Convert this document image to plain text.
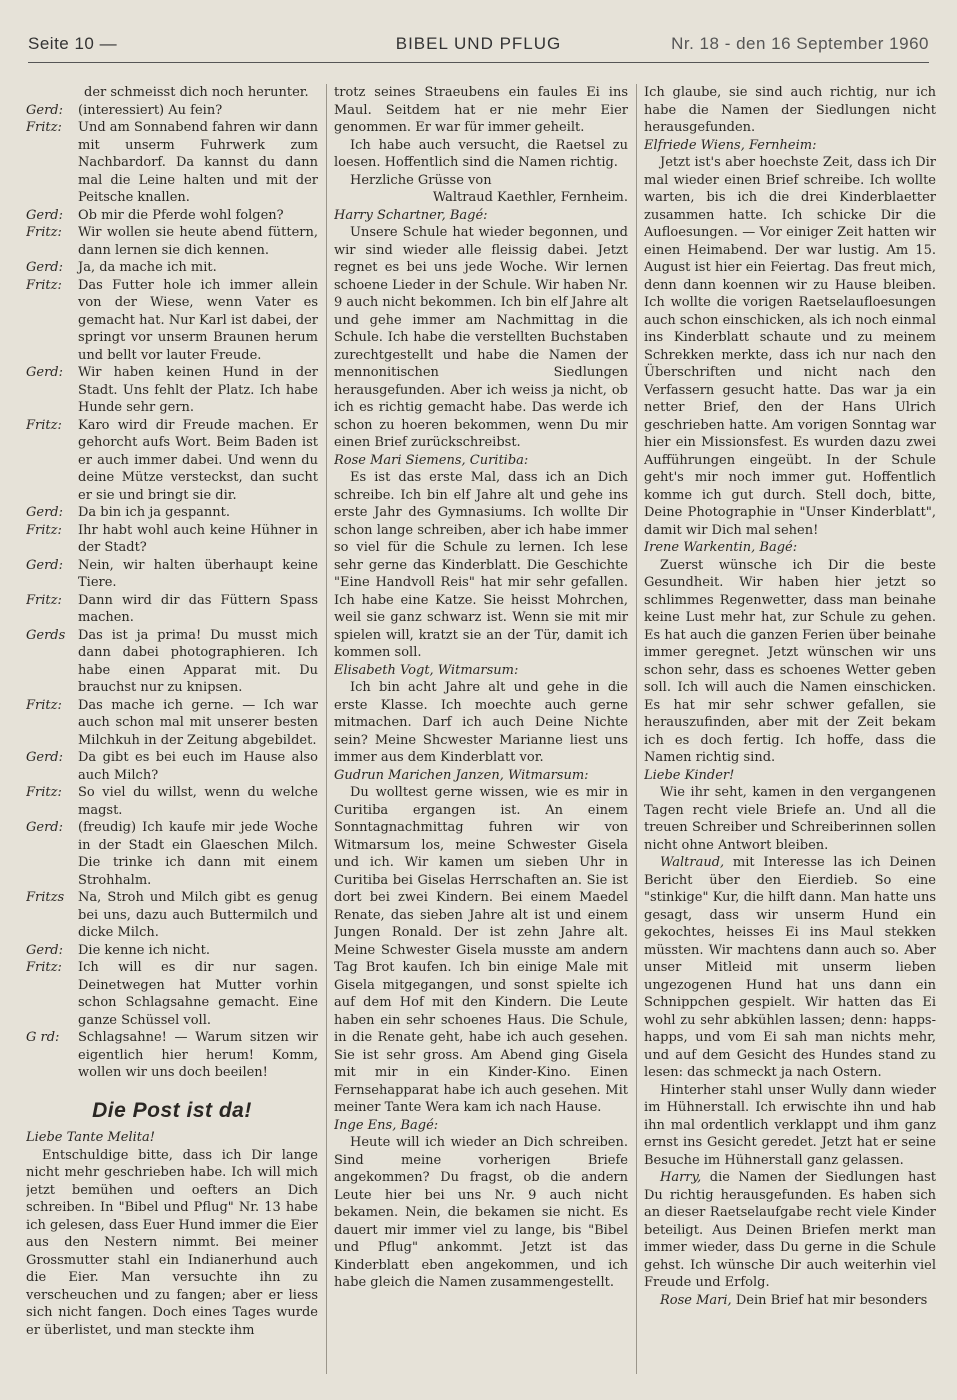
Seite 10 —	BIBEL UND PFLUG	Nr. 18 - den 16 September 1960
der schmeisst dich noch herunter.
Gerd:	(interessiert) Au fein?
Fritz:	Und am Sonnabend fahren wir dann mit unserm Fuhrwerk zum Nachbardorf. Da kannst du dann mal die Leine halten und mit der Peitsche knallen.
Gerd:	Ob mir die Pferde wohl folgen?
Fritz:	Wir wollen sie heute abend füttern, dann lernen sie dich kennen.
Gerd:	Ja, da mache ich mit.
Fritz:	Das Futter hole ich immer allein von der Wiese, wenn Vater es gemacht hat. Nur Karl ist dabei, der springt vor unserm Braunen herum und bellt vor lauter Freude.
Gerd:	Wir haben keinen Hund in der Stadt. Uns fehlt der Platz. Ich habe Hunde sehr gern.
Fritz:	Karo wird dir Freude machen. Er gehorcht aufs Wort. Beim Baden ist er auch immer dabei. Und wenn du deine Mütze versteckst, dan sucht er sie und bringt sie dir.
Gerd:	Da bin ich ja gespannt.
Fritz:	Ihr habt wohl auch keine Hühner in der Stadt?
Gerd:	Nein, wir halten überhaupt keine Tiere.
Fritz:	Dann wird dir das Füttern Spass machen.
Gerds Das ist ja prima! Du musst mich dann dabei photographieren. Ich habe einen Apparat mit. Du brauchst nur zu knipsen.
Fritz:	Das mache ich gerne. — Ich war auch schon mal mit unserer besten Milchkuh in der Zeitung abgebildet.
Gerd:	Da gibt es bei euch im Hause also auch Milch?
Fritz:	So viel du willst, wenn du welche magst.
Gerd:	(freudig) Ich kaufe mir jede Woche in der Stadt ein Glaeschen Milch. Die trinke ich dann mit einem Strohhalm.
Fritzs	Na, Stroh und Milch gibt es genug bei uns, dazu auch Buttermilch und dicke Milch.
Gerd:	Die kenne ich nicht.
Fritz:	Ich will es dir nur sagen. Deinetwegen hat Mutter vorhin schon Schlagsahne gemacht. Eine ganze Schüssel voll.
G rd:	Schlagsahne! — Warum sitzen wir eigentlich hier herum! Komm, wollen wir uns doch beeilen!
Die Post ist da!

Liebe Tante Melita!

Entschuldige bitte, dass ich Dir lange nicht mehr geschrieben habe. Ich will mich jetzt bemühen und oefters an Dich schreiben. In "Bibel und Pflug" Nr. 13 habe ich gelesen, dass Euer Hund immer die Eier aus den Nestern nimmt. Bei meiner Grossmutter stahl ein Indianerhund auch die Eier. Man versuchte ihn zu verscheuchen und zu fangen; aber er liess sich nicht fangen. Doch eines Tages wurde er überlistet, und man steckte ihm

trotz seines Straeubens ein faules Ei ins Maul. Seitdem hat er nie mehr Eier genommen. Er war für immer geheilt.

Ich habe auch versucht, die Raetsel zu loesen. Hoffentlich sind die Namen richtig.

Herzliche Grüsse von

Waltraud Kaethler, Fernheim.

Harry Schartner, Bagé:

Unsere Schule hat wieder begonnen, und wir sind wieder alle fleissig dabei. Jetzt regnet es bei uns jede Woche. Wir lernen schoene Lieder in der Schule. Wir haben Nr. 9 auch nicht bekommen. Ich bin elf Jahre alt und gehe immer am Nachmittag in die Schule. Ich habe die verstellten Buchstaben zurechtgestellt und habe die Namen der mennonitischen Siedlungen herausgefunden. Aber ich weiss ja nicht, ob ich es richtig gemacht habe. Das werde ich schon zu hoeren bekommen, wenn Du mir einen Brief zurückschreibst.

Rose Mari Siemens, Curitiba:

Es ist das erste Mal, dass ich an Dich schreibe. Ich bin elf Jahre alt und gehe ins erste Jahr des Gymnasiums. Ich wollte Dir schon lange schreiben, aber ich habe immer so viel für die Schule zu lernen. Ich lese sehr gerne das Kinderblatt. Die Geschichte "Eine Handvoll Reis" hat mir sehr gefallen. Ich habe eine Katze. Sie heisst Mohrchen, weil sie ganz schwarz ist. Wenn sie mit mir spielen will, kratzt sie an der Tür, damit ich kommen soll.

Elisabeth Vogt, Witmarsum:

Ich bin acht Jahre alt und gehe in die erste Klasse. Ich moechte auch gerne mitmachen. Darf ich auch Deine Nichte sein? Meine Shcwester Marianne liest uns immer aus dem Kinderblatt vor.

Gudrun Marichen Janzen, Witmarsum:

Du wolltest gerne wissen, wie es mir in Curitiba ergangen ist. An einem Sonntagnachmittag fuhren wir von Witmarsum los, meine Schwester Gisela und ich. Wir kamen um sieben Uhr in Curitiba bei Giselas Herrschaften an. Sie ist dort bei zwei Kindern. Bei einem Maedel Renate, das sieben Jahre alt ist und einem Jungen Ronald. Der ist zehn Jahre alt. Meine Schwester Gisela musste am andern Tag Brot kaufen. Ich bin einige Male mit Gisela mitgegangen, und sonst spielte ich auf dem Hof mit den Kindern. Die Leute haben ein sehr schoenes Haus. Die Schule, in die Renate geht, habe ich auch gesehen. Sie ist sehr gross. Am Abend ging Gisela mit mir in ein Kinder-Kino. Einen Fernsehapparat habe ich auch gesehen. Mit meiner Tante Wera kam ich nach Hause.

Inge Ens, Bagé:

Heute will ich wieder an Dich schreiben. Sind meine vorherigen Briefe angekommen? Du fragst, ob die andern Leute hier bei uns Nr. 9 auch nicht bekamen. Nein, die bekamen sie nicht. Es dauert mir immer viel zu lange, bis "Bibel und Pflug" ankommt. Jetzt ist das Kinderblatt eben angekommen, und ich habe gleich die Namen zusammengestellt.

Ich glaube, sie sind auch richtig, nur ich habe die Namen der Siedlungen nicht herausgefunden.

Elfriede Wiens, Fernheim:

Jetzt ist's aber hoechste Zeit, dass ich Dir mal wieder einen Brief schreibe. Ich wollte warten, bis ich die drei Kinderblaetter zusammen hatte. Ich schicke Dir die Aufloesungen. — Vor einiger Zeit hatten wir einen Heimabend. Der war lustig. Am 15. August ist hier ein Feiertag. Das freut mich, denn dann koennen wir zu Hause bleiben. Ich wollte die vorigen Raetselaufloesungen auch schon einschicken, als ich noch einmal ins Kinderblatt schaute und zu meinem Schrekken merkte, dass ich nur nach den Überschriften und nicht nach den Verfassern gesucht hatte. Das war ja ein netter Brief, den der Hans Ulrich geschrieben hatte. Am vorigen Sonntag war hier ein Missionsfest. Es wurden dazu zwei Aufführungen eingeübt. In der Schule geht's mir noch immer gut. Hoffentlich komme ich gut durch. Stell doch, bitte, Deine Photographie in "Unser Kinderblatt", damit wir Dich mal sehen!

Irene Warkentin, Bagé:

Zuerst wünsche ich Dir die beste Gesundheit. Wir haben hier jetzt so schlimmes Regenwetter, dass man beinahe keine Lust mehr hat, zur Schule zu gehen. Es hat auch die ganzen Ferien über beinahe immer geregnet. Jetzt wünschen wir uns schon sehr, dass es schoenes Wetter geben soll. Ich will auch die Namen einschicken. Es hat mir sehr schwer gefallen, sie herauszufinden, aber mit der Zeit bekam ich es doch fertig. Ich hoffe, dass die Namen richtig sind.

Liebe Kinder!

Wie ihr seht, kamen in den vergangenen Tagen recht viele Briefe an. Und all die treuen Schreiber und Schreiberinnen sollen nicht ohne Antwort bleiben.

Waltraud, mit Interesse las ich Deinen Bericht über den Eierdieb. So eine "stinkige" Kur, die hilft dann. Man hatte uns gesagt, dass wir unserm Hund ein gekochtes, heisses Ei ins Maul stekken müssten. Wir machtens dann auch so. Aber unser Mitleid mit unserm lieben ungezogenen Hund hat uns dann ein Schnippchen gespielt. Wir hatten das Ei wohl zu sehr abkühlen lassen; denn: happs-happs, und vom Ei sah man nichts mehr, und auf dem Gesicht des Hundes stand zu lesen: das schmeckt ja nach Ostern.

Hinterher stahl unser Wully dann wieder im Hühnerstall. Ich erwischte ihn und hab ihn mal ordentlich verklappt und ihm ganz ernst ins Gesicht geredet. Jetzt hat er seine Besuche im Hühnerstall ganz gelassen.

Harry, die Namen der Siedlungen hast Du richtig herausgefunden. Es haben sich an dieser Raetselaufgabe recht viele Kinder beteiligt. Aus Deinen Briefen merkt man immer wieder, dass Du gerne in die Schule gehst. Ich wünsche Dir auch weiterhin viel Freude und Erfolg.

Rose Mari, Dein Brief hat mir besonders
